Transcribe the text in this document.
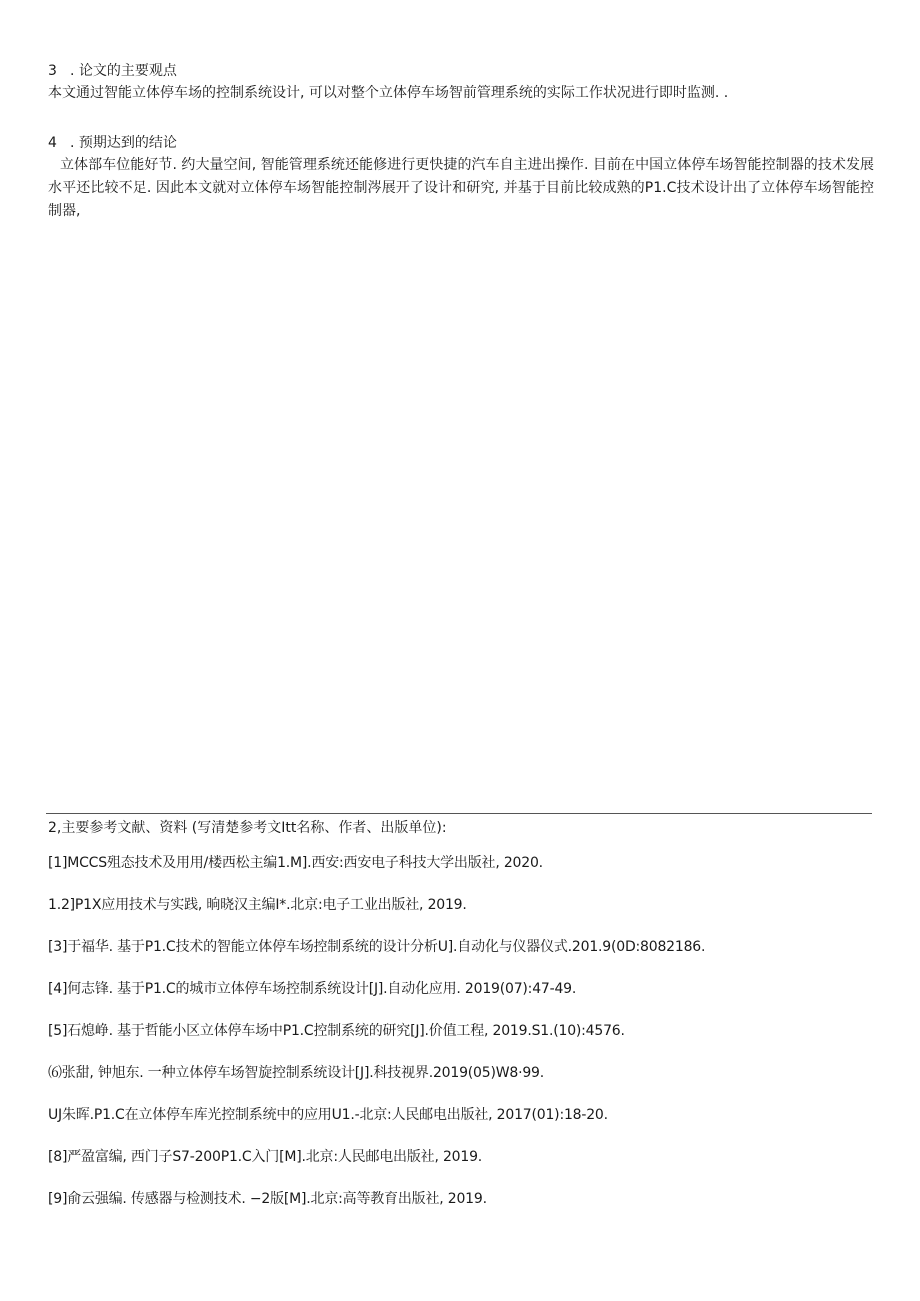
3 . 论文的主要观点

本文通过智能立体停车场的控制系统设计, 可以对整个立体停车场智前管理系统的实际工作状况进行即时监测. .

4 . 预期达到的结论

立体部车位能好节. 约大量空间, 智能管理系统还能修进行更快捷的汽车自主进出操作. 目前在中国立体停车场智能控制器的技术发展水平还比较不足. 因此本文就对立体停车场智能控制涔展开了设计和研究, 并基于目前比较成熟的P1.C技术设计出了立体停车场智能控制器,

2,主要参考文献、资料 (写清楚参考文Itt名称、作者、出版单位):

[1]MCCS殂态技术及用用/楼西松主编1.M].西安:西安电子科技大学出版社, 2020.
1.2]P1X应用技术与实践, 晌晓汉主编I*.北京:电子工业出版社, 2019.
[3]于福华. 基于P1.C技术的智能立体停车场控制系统的设计分析U].自动化与仪器仪式.201.9(0D:8082186.
[4]何志锋. 基于P1.C的城市立体停车场控制系统设计[J].自动化应用. 2019(07):47-49.
[5]石熄峥. 基于哲能小区立体停车场中P1.C控制系统的研究[J].价值工程, 2019.S1.(10):4576.
⑹张甜, 钟旭东. 一种立体停车场智旋控制系统设计[J].科技视界.2019(05)W8·99.
UJ朱晖.P1.C在立体停车库光控制系统中的应用U1.-北京:人民邮电出版社, 2017(01):18-20.
[8]严盈富编, 西门子S7-200P1.C入门[M].北京:人民邮电出版社, 2019.
[9]俞云强编. 传感器与检测技术. −2版[M].北京:高等教育出版社, 2019.
